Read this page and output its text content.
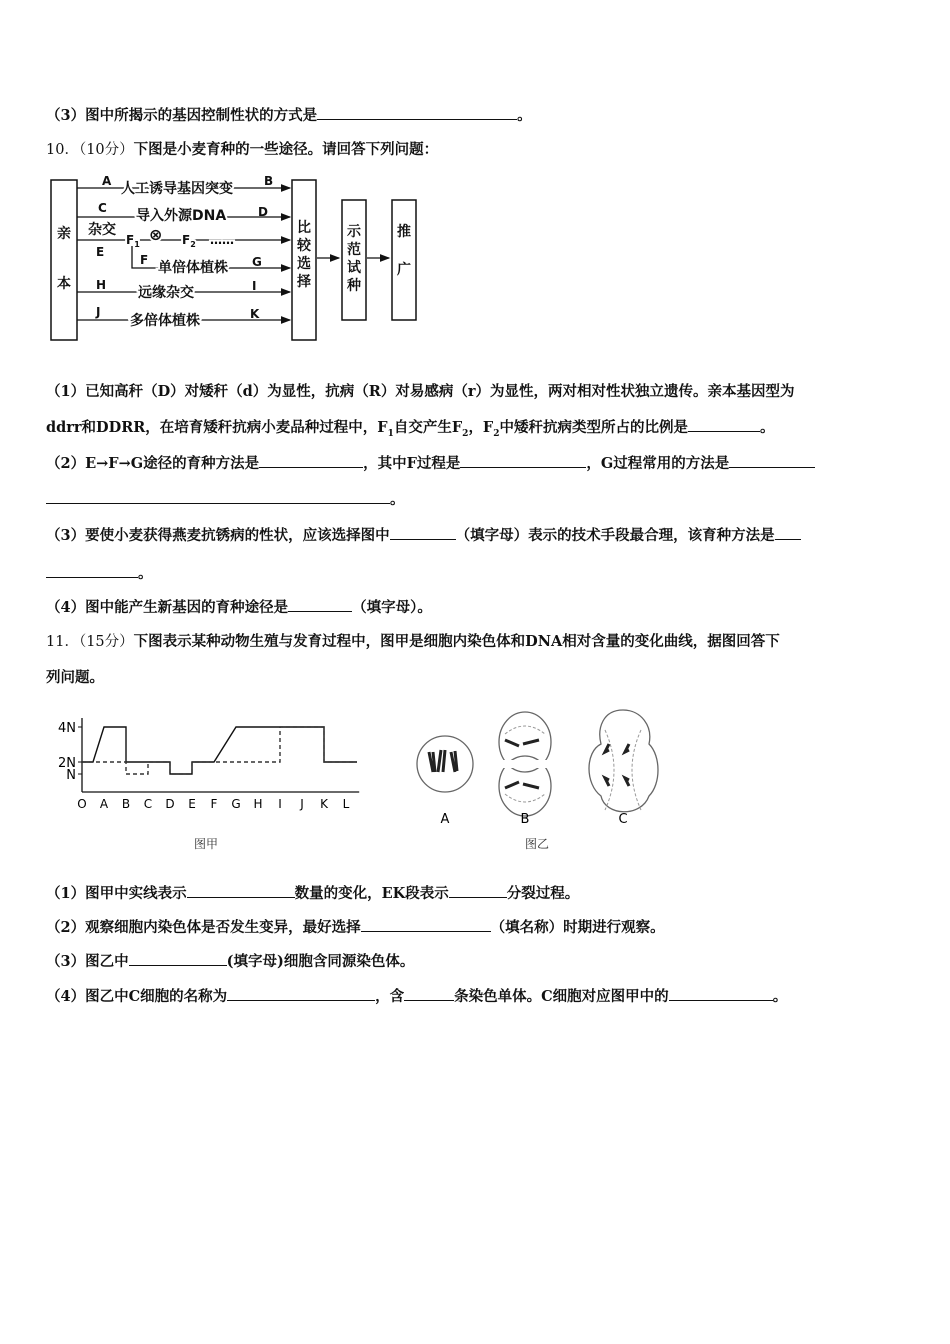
（3）图中所揭示的基因控制性状的方式是	。
10．（10分）下图是小麦育种的一些途径。请回答下列问题：
亲
本
比
较
选
择
示
范
试
种
推
广
A 人工诱导基因突变	B
C 导入外源DNA	D
杂交
E
$F_1$
⊗ $F_2$ ……
F 单倍体植株 G
H 远缘杂交	I
J
多倍体植株	K
（1）已知高秆（D）对矮秆（d）为显性，抗病（R）对易感病（r）为显性，两对相对性状独立遗传。亲本基因型为
ddrr和DDRR，在培育矮秆抗病小麦品种过程中，$F_1$自交产生$F_2$，$F_2$中矮秆抗病类型所占的比例是	。
（2）E→F→G途径的育种方法是	，其中F过程是	，G过程常用的方法是
。
（3）要使小麦获得燕麦抗锈病的性状，应该选择图中	（填字母）表示的技术手段最合理，该育种方法是
。
（4）图中能产生新基因的育种途径是	（填字母）。
11．（15分）下图表示某种动物生殖与发育过程中，图甲是细胞内染色体和DNA相对含量的变化曲线，据图回答下
列问题。
4N
2N
N
O A B C D E F G H I J K L
图甲
A	B	C
图乙
（1）图甲中实线表示	数量的变化，EK段表示	分裂过程。
（2）观察细胞内染色体是否发生变异，最好选择	（填名称）时期进行观察。
（3）图乙中	(填字母)细胞含同源染色体。
（4）图乙中C细胞的名称为	，含	条染色单体。C细胞对应图甲中的	。
